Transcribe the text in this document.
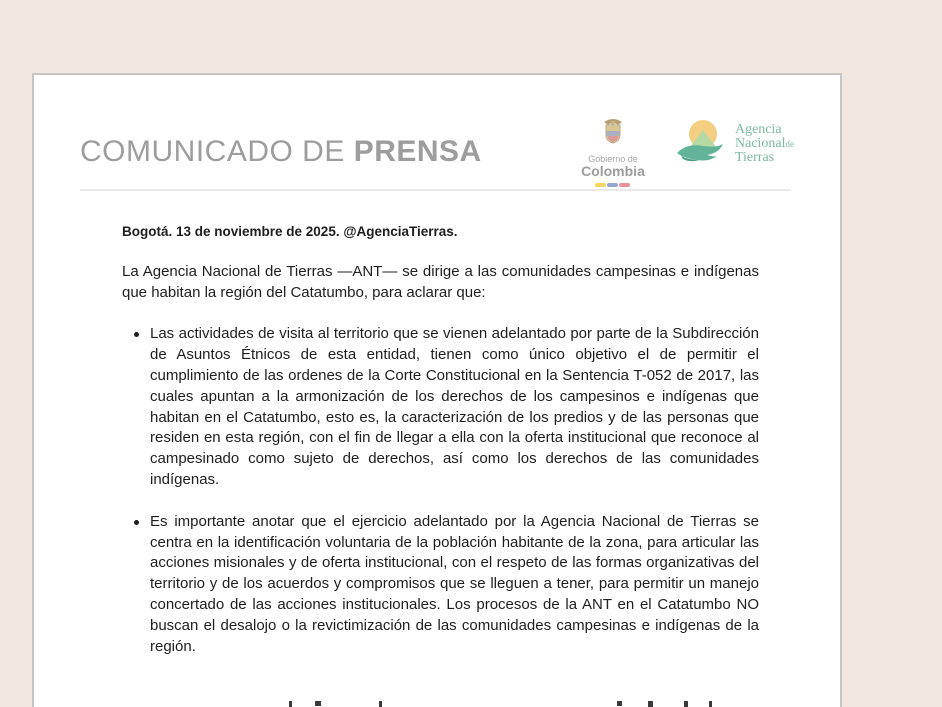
COMUNICADO DE PRENSA	Gobierno de
Colombia
Agencia
Nacionalde
Tierras
Bogotá. 13 de noviembre de 2025. @AgenciaTierras.

La Agencia Nacional de Tierras —ANT— se dirige a las comunidades campesinas e indígenas que habitan la región del Catatumbo, para aclarar que:

Las actividades de visita al territorio que se vienen adelantado por parte de la Subdirección de Asuntos Étnicos de esta entidad, tienen como único objetivo el de permitir el cumplimiento de las ordenes de la Corte Constitucional en la Sentencia T-052 de 2017, las cuales apuntan a la armonización de los derechos de los campesinos e indígenas que habitan en el Catatumbo, esto es, la caracterización de los predios y de las personas que residen en esta región, con el fin de llegar a ella con la oferta institucional que reconoce al campesinado como sujeto de derechos, así como los derechos de las comunidades indígenas.
Es importante anotar que el ejercicio adelantado por la Agencia Nacional de Tierras se centra en la identificación voluntaria de la población habitante de la zona, para articular las acciones misionales y de oferta institucional, con el respeto de las formas organizativas del territorio y de los acuerdos y compromisos que se lleguen a tener, para permitir un manejo concertado de las acciones institucionales. Los procesos de la ANT en el Catatumbo NO buscan el desalojo o la revictimización de las comunidades campesinas e indígenas de la región.
